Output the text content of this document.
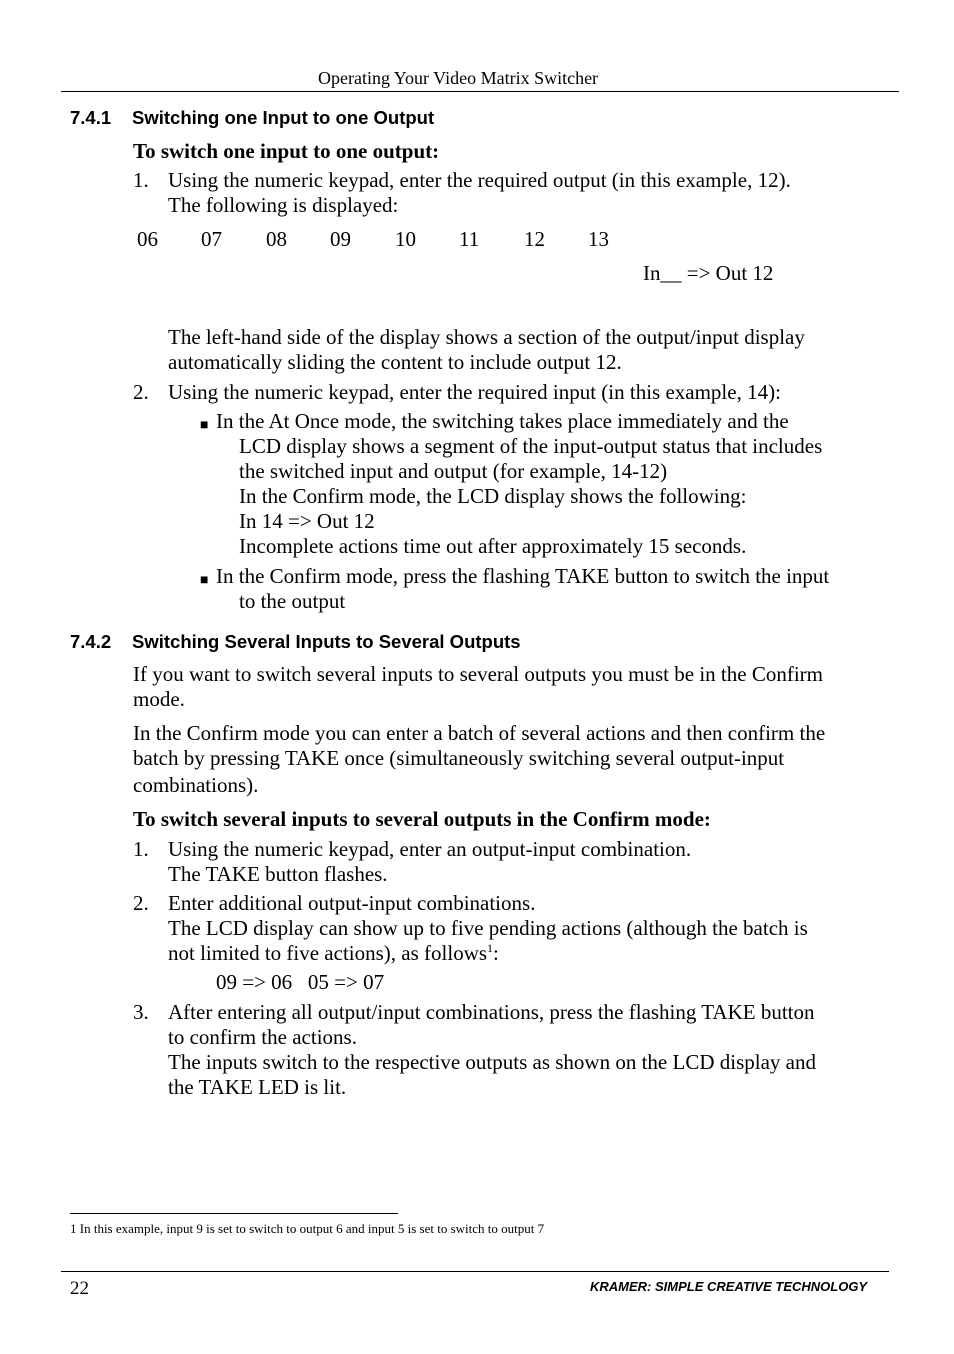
Operating Your Video Matrix Switcher
7.4.1 Switching one Input to one Output
To switch one input to one output:
1. Using the numeric keypad, enter the required output (in this example, 12).
The following is displayed:
06 07 08 09 10 11 12 13
In__ => Out 12
The left-hand side of the display shows a section of the output/input display
automatically sliding the content to include output 12.
2. Using the numeric keypad, enter the required input (in this example, 14):
■ In the At Once mode, the switching takes place immediately and the
LCD display shows a segment of the input-output status that includes
the switched input and output (for example, 14-12)
In the Confirm mode, the LCD display shows the following:
In 14 => Out 12
Incomplete actions time out after approximately 15 seconds.
■ In the Confirm mode, press the flashing TAKE button to switch the input
to the output
7.4.2 Switching Several Inputs to Several Outputs
If you want to switch several inputs to several outputs you must be in the Confirm
mode.
In the Confirm mode you can enter a batch of several actions and then confirm the
batch by pressing TAKE once (simultaneously switching several output-input
combinations).
To switch several inputs to several outputs in the Confirm mode:
1. Using the numeric keypad, enter an output-input combination.
The TAKE button flashes.
2. Enter additional output-input combinations.
The LCD display can show up to five pending actions (although the batch is
not limited to five actions), as follows$^1$:
09 => 06   05 => 07
3. After entering all output/input combinations, press the flashing TAKE button
to confirm the actions.
The inputs switch to the respective outputs as shown on the LCD display and
the TAKE LED is lit.
1 In this example, input 9 is set to switch to output 6 and input 5 is set to switch to output 7
22	KRAMER: SIMPLE CREATIVE TECHNOLOGY
